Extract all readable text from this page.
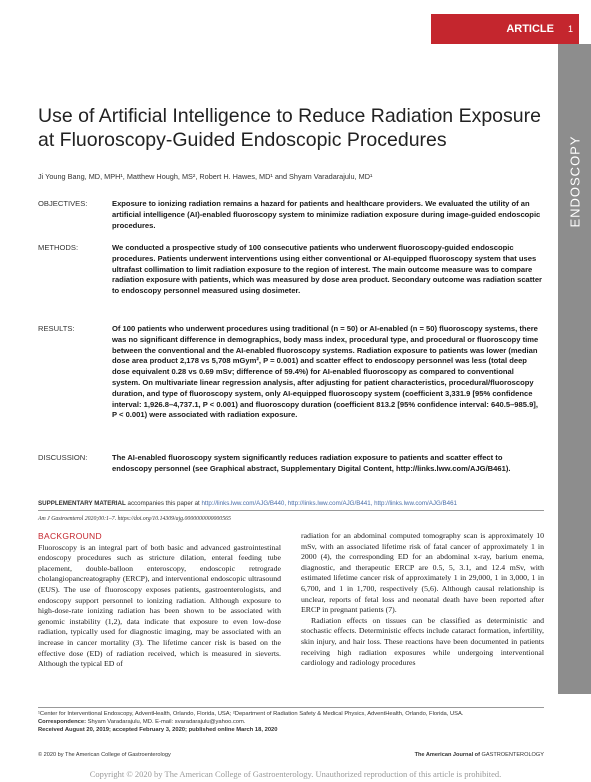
ARTICLE 1
ENDOSCOPY
Use of Artificial Intelligence to Reduce Radiation Exposure at Fluoroscopy-Guided Endoscopic Procedures
Ji Young Bang, MD, MPH¹, Matthew Hough, MS², Robert H. Hawes, MD¹ and Shyam Varadarajulu, MD¹
OBJECTIVES:	Exposure to ionizing radiation remains a hazard for patients and healthcare providers. We evaluated the utility of an artificial intelligence (AI)-enabled fluoroscopy system to minimize radiation exposure during image-guided endoscopic procedures.
METHODS:	We conducted a prospective study of 100 consecutive patients who underwent fluoroscopy-guided endoscopic procedures. Patients underwent interventions using either conventional or AI-equipped fluoroscopy system that uses ultrafast collimation to limit radiation exposure to the region of interest. The main outcome measure was to compare radiation exposure with patients, which was measured by dose area product. Secondary outcome was radiation scatter to endoscopy personnel measured using dosimeter.
RESULTS:	Of 100 patients who underwent procedures using traditional (n = 50) or AI-enabled (n = 50) fluoroscopy systems, there was no significant difference in demographics, body mass index, procedural type, and procedural or fluoroscopy time between the conventional and the AI-enabled fluoroscopy systems. Radiation exposure to patients was lower (median dose area product 2,178 vs 5,708 mGym², P = 0.001) and scatter effect to endoscopy personnel was less (total deep dose equivalent 0.28 vs 0.69 mSv; difference of 59.4%) for AI-enabled fluoroscopy as compared to conventional system. On multivariate linear regression analysis, after adjusting for patient characteristics, procedural/fluoroscopy duration, and type of fluoroscopy system, only AI-equipped fluoroscopy system (coefficient 3,331.9 [95% confidence interval: 1,926.8–4,737.1, P < 0.001) and fluoroscopy duration (coefficient 813.2 [95% confidence interval: 640.5–985.9], P < 0.001) were associated with radiation exposure.
DISCUSSION:	The AI-enabled fluoroscopy system significantly reduces radiation exposure to patients and scatter effect to endoscopy personnel (see Graphical abstract, Supplementary Digital Content, http://links.lww.com/AJG/B461).
SUPPLEMENTARY MATERIAL accompanies this paper at http://links.lww.com/AJG/B440, http://links.lww.com/AJG/B441, http://links.lww.com/AJG/B461
Am J Gastroenterol 2020;00:1–7. https://doi.org/10.14309/ajg.0000000000000565
BACKGROUND

Fluoroscopy is an integral part of both basic and advanced gastrointestinal endoscopy procedures such as stricture dilation, enteral feeding tube placement, double-balloon enteroscopy, endoscopic retrograde cholangiopancreatography (ERCP), and interventional endoscopic ultrasound (EUS). The use of fluoroscopy exposes patients, gastroenterologists, and endoscopy support personnel to ionizing radiation. Although exposure to high-dose-rate ionizing radiation has been shown to be associated with genomic instability (1,2), data indicate that exposure to even low-dose radiation, typically used for diagnostic imaging, may be associated with an increase in cancer mortality (3). The lifetime cancer risk is based on the effective dose (ED) of radiation received, which is measured in sieverts. Although the typical ED of

radiation for an abdominal computed tomography scan is approximately 10 mSv, with an associated lifetime risk of fatal cancer of approximately 1 in 2000 (4), the corresponding ED for an abdominal x-ray, barium enema, diagnostic, and therapeutic ERCP are 0.5, 5, 3.1, and 12.4 mSv, with estimated lifetime cancer risk of approximately 1 in 29,000, 1 in 3,000, 1 in 6,700, and 1 in 1,700, respectively (5,6). Although causal relationship is unclear, reports of fetal loss and neonatal death have been reported after ERCP in pregnant patients (7).

Radiation effects on tissues can be classified as deterministic and stochastic effects. Deterministic effects include cataract formation, infertility, skin injury, and hair loss. These reactions have been documented in patients receiving high radiation exposures while undergoing interventional cardiology and radiology procedures

¹Center for Interventional Endoscopy, AdventHealth, Orlando, Florida, USA; ²Department of Radiation Safety & Medical Physics, AdventHealth, Orlando, Florida, USA.
Correspondence: Shyam Varadarajulu, MD. E-mail: svaradarajulu@yahoo.com.
Received August 20, 2019; accepted February 3, 2020; published online March 18, 2020
© 2020 by The American College of Gastroenterology	The American Journal of GASTROENTEROLOGY
Copyright © 2020 by The American College of Gastroenterology. Unauthorized reproduction of this article is prohibited.
